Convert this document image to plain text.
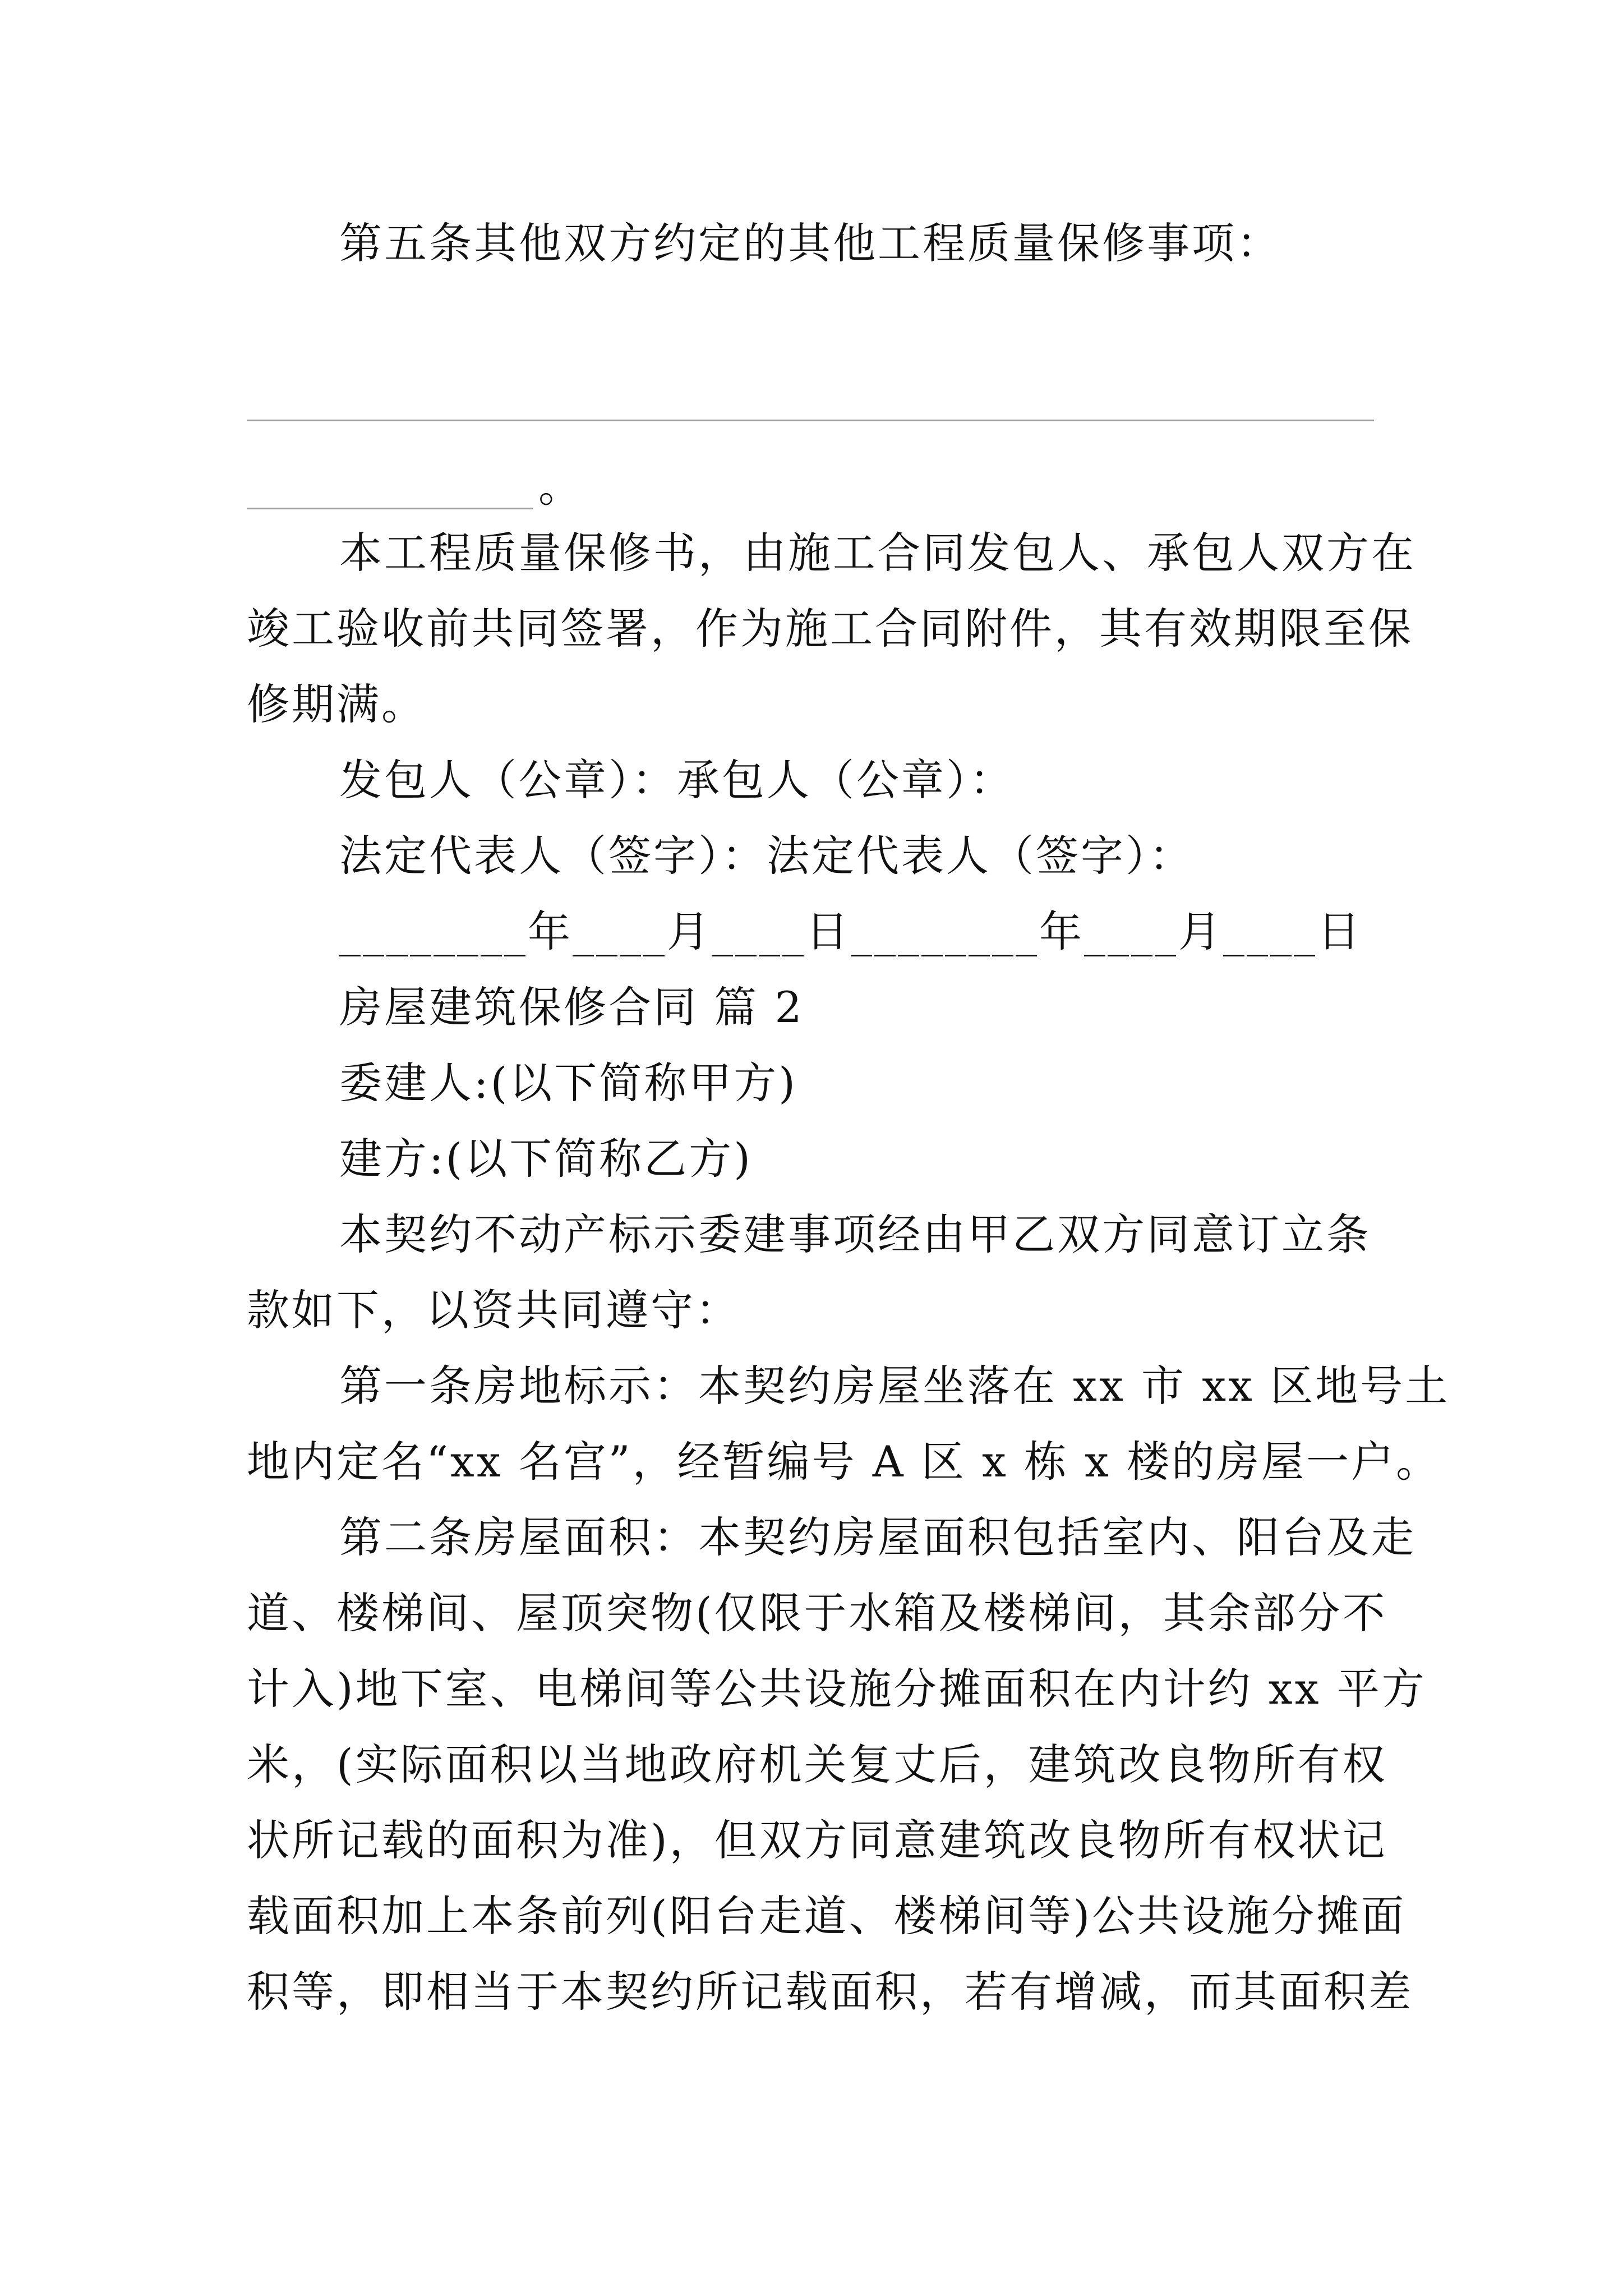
第五条其他双方约定的其他工程质量保修事项：
。
本工程质量保修书，由施工合同发包人、承包人双方在
竣工验收前共同签署，作为施工合同附件，其有效期限至保
修期满。
发包人（公章）：承包人（公章）：
法定代表人（签字）：法定代表人（签字）：
________年____月____日________年____月____日
房屋建筑保修合同 篇 2
委建人:(以下简称甲方)
建方:(以下简称乙方)
本契约不动产标示委建事项经由甲乙双方同意订立条
款如下，以资共同遵守：
第一条房地标示：本契约房屋坐落在 xx 市 xx 区地号土
地内定名“xx 名宫”，经暂编号 A 区 x 栋 x 楼的房屋一户。
第二条房屋面积：本契约房屋面积包括室内、阳台及走
道、楼梯间、屋顶突物(仅限于水箱及楼梯间，其余部分不
计入)地下室、电梯间等公共设施分摊面积在内计约 xx 平方
米，(实际面积以当地政府机关复丈后，建筑改良物所有权
状所记载的面积为准)，但双方同意建筑改良物所有权状记
载面积加上本条前列(阳台走道、楼梯间等)公共设施分摊面
积等，即相当于本契约所记载面积，若有增减，而其面积差
